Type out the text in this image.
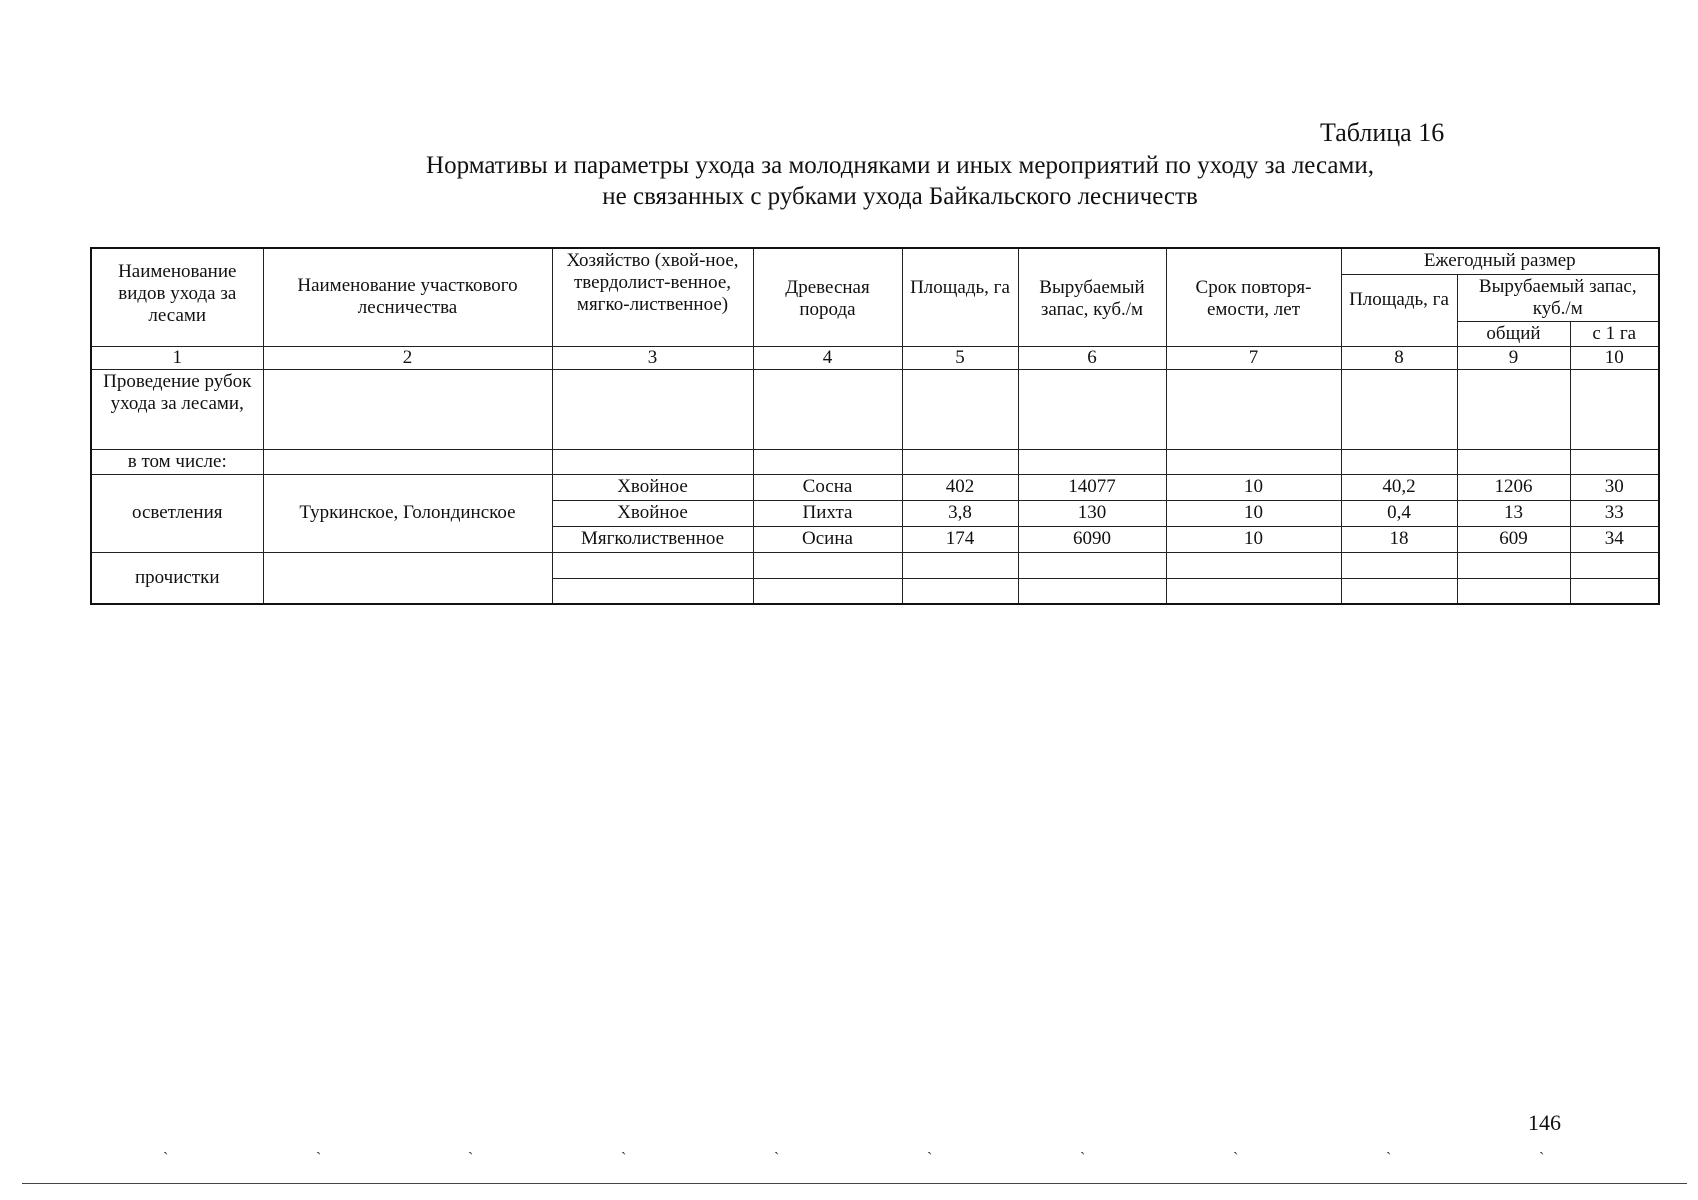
Таблица 16
Нормативы и параметры ухода за молодняками и иных мероприятий по уходу за лесами,
не связанных с рубками ухода Байкальского лесничеств
Наименование видов ухода за лесами	Наименование участкового лесничества	Хозяйство (хвой-ное, твердолист-венное, мягко-лиственное)	Древесная порода	Площадь, га	Вырубаемый запас, куб./м	Срок повторя-емости, лет	Ежегодный размер		
							Площадь, га	Вырубаемый запас, куб./м	
								общий	с 1 га
1	2	3	4	5	6	7	8	9	10
Проведение рубок ухода за лесами,									
в том числе:									
осветления	Туркинское, Голондинское	Хвойное	Сосна	402	14077	10	40,2	1206	30
		Хвойное	Пихта	3,8	130	10	0,4	13	33
		Мягколиственное	Осина	174	6090	10	18	609	34
прочистки									

146
ˏ	ˏ	ˏ	ˏ	ˏ	ˏ	ˏ	ˏ	ˏ	ˏ
